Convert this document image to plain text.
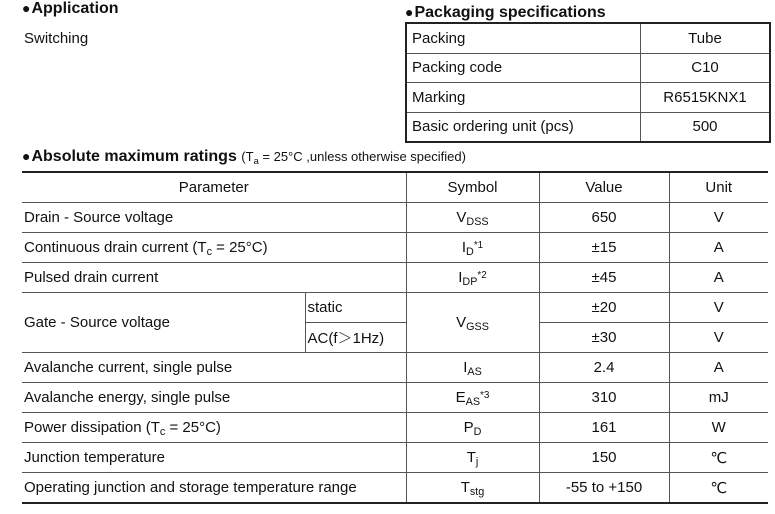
●Application
Switching
●Packaging specifications
Packing	Tube
Packing code	C10
Marking	R6515KNX1
Basic ordering unit (pcs)	500
●Absolute maximum ratings ($T_a = 25^\circ C$ ,unless otherwise specified)
Parameter		Symbol	Value	Unit
Drain - Source voltage		$V_{DSS}$	650	V
Continuous drain current $(T_c = 25^\circ C)$		$I_D^{*1}$	±15	A
Pulsed drain current		$I_{DP}^{*2}$	±45	A
Gate - Source voltage	static	$V_{GSS}$	±20	V
	AC(f＞1Hz)		±30	V
Avalanche current, single pulse		$I_{AS}$	2.4	A
Avalanche energy, single pulse		$E_{AS}^{*3}$	310	mJ
Power dissipation $(T_c = 25^\circ C)$		$P_D$	161	W
Junction temperature		$T_j$	150	℃
Operating junction and storage temperature range		$T_{stg}$	-55 to +150	℃
